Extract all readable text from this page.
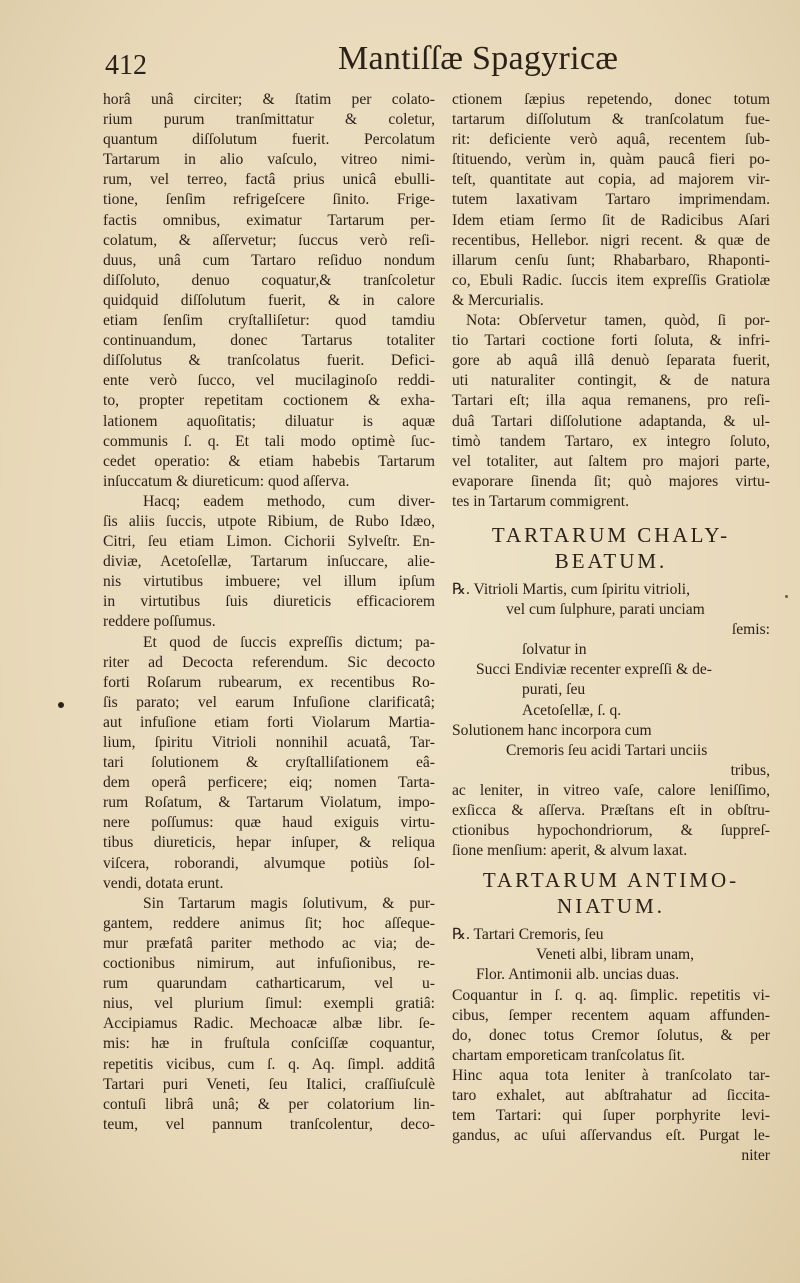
412	Mantiſſæ Spagyricæ
horâ unâ circiter; & ſtatim per colato-
rium purum tranſmittatur & coletur,
quantum diſſolutum fuerit. Percolatum
Tartarum in alio vaſculo, vitreo nimi-
rum, vel terreo, factâ prius unicâ ebulli-
tione, ſenſim refrigeſcere ſinito. Frige-
factis omnibus, eximatur Tartarum per-
colatum, & aſſervetur; ſuccus verò reſi-
duus, unâ cum Tartaro reſiduo nondum
diſſoluto, denuo coquatur,& tranſcoletur
quidquid diſſolutum fuerit, & in calore
etiam ſenſim cryſtalliſetur: quod tamdiu
continuandum, donec Tartarus totaliter
diſſolutus & tranſcolatus fuerit. Defici-
ente verò ſucco, vel mucilaginoſo reddi-
to, propter repetitam coctionem & exha-
lationem aquoſitatis; diluatur is aquæ
communis ſ. q. Et tali modo optimè ſuc-
cedet operatio: & etiam habebis Tartarum
inſuccatum & diureticum: quod aſſerva.
Hacq; eadem methodo, cum diver-
ſis aliis ſuccis, utpote Ribium, de Rubo Idæo,
Citri, ſeu etiam Limon. Cichorii Sylveſtr. En-
diviæ, Acetoſellæ, Tartarum inſuccare, alie-
nis virtutibus imbuere; vel illum ipſum
in virtutibus ſuis diureticis efficaciorem
reddere poſſumus.
Et quod de ſuccis expreſſis dictum; pa-
riter ad Decocta referendum. Sic decocto
forti Roſarum rubearum, ex recentibus Ro-
ſis parato; vel earum Infuſione clarificatâ;
aut infuſione etiam forti Violarum Martia-
lium, ſpiritu Vitrioli nonnihil acuatâ, Tar-
tari ſolutionem & cryſtalliſationem eâ-
dem operâ perficere; eiq; nomen Tarta-
rum Roſatum, & Tartarum Violatum, impo-
nere poſſumus: quæ haud exiguis virtu-
tibus diureticis, hepar inſuper, & reliqua
viſcera, roborandi, alvumque potiùs ſol-
vendi, dotata erunt.
Sin Tartarum magis ſolutivum, & pur-
gantem, reddere animus ſit; hoc aſſeque-
mur præfatâ pariter methodo ac via; de-
coctionibus nimirum, aut infuſionibus, re-
rum quarundam catharticarum, vel u-
nius, vel plurium ſimul: exempli gratiâ:
Accipiamus Radic. Mechoacæ albæ libr. ſe-
mis: hæ in fruſtula conſciſſæ coquantur,
repetitis vicibus, cum ſ. q. Aq. ſimpl. additâ
Tartari puri Veneti, ſeu Italici, craſſiuſculè
contuſi librâ unâ; & per colatorium lin-
teum, vel pannum tranſcolentur, deco-
ctionem ſæpius repetendo, donec totum
tartarum diſſolutum & tranſcolatum fue-
rit: deficiente verò aquâ, recentem ſub-
ſtituendo, verùm in, quàm paucâ fieri po-
teſt, quantitate aut copia, ad majorem vir-
tutem laxativam Tartaro imprimendam.
Idem etiam ſermo ſit de Radicibus Aſari
recentibus, Hellebor. nigri recent. & quæ de
illarum cenſu ſunt; Rhabarbaro, Rhaponti-
co, Ebuli Radic. ſuccis item expreſſis Gratiolæ
& Mercurialis.
Nota: Obſervetur tamen, quòd, ſi por-
tio Tartari coctione forti ſoluta, & infri-
gore ab aquâ illâ denuò ſeparata fuerit,
uti naturaliter contingit, & de natura
Tartari eſt; illa aqua remanens, pro reſi-
duâ Tartari diſſolutione adaptanda, & ul-
timò tandem Tartaro, ex integro ſoluto,
vel totaliter, aut ſaltem pro majori parte,
evaporare ſinenda ſit; quò majores virtu-
tes in Tartarum commigrent.
TARTARUM CHALY-
BEATUM.
℞. Vitrioli Martis, cum ſpiritu vitrioli,
vel cum ſulphure, parati unciam
ſemis:
ſolvatur in
Succi Endiviæ recenter expreſſi & de-
purati, ſeu
Acetoſellæ, ſ. q.
Solutionem hanc incorpora cum
Cremoris ſeu acidi Tartari unciis
tribus,
ac leniter, in vitreo vaſe, calore leniſſimo,
exſicca & aſſerva. Præſtans eſt in obſtru-
ctionibus hypochondriorum, & ſuppreſ-
ſione menſium: aperit, & alvum laxat.
TARTARUM ANTIMO-
NIATUM.
℞. Tartari Cremoris, ſeu
Veneti albi, libram unam,
Flor. Antimonii alb. uncias duas.
Coquantur in ſ. q. aq. ſimplic. repetitis vi-
cibus, ſemper recentem aquam affunden-
do, donec totus Cremor ſolutus, & per
chartam emporeticam tranſcolatus ſit.
Hinc aqua tota leniter à tranſcolato tar-
taro exhalet, aut abſtrahatur ad ſiccita-
tem Tartari: qui ſuper porphyrite levi-
gandus, ac uſui aſſervandus eſt. Purgat le-
niter
